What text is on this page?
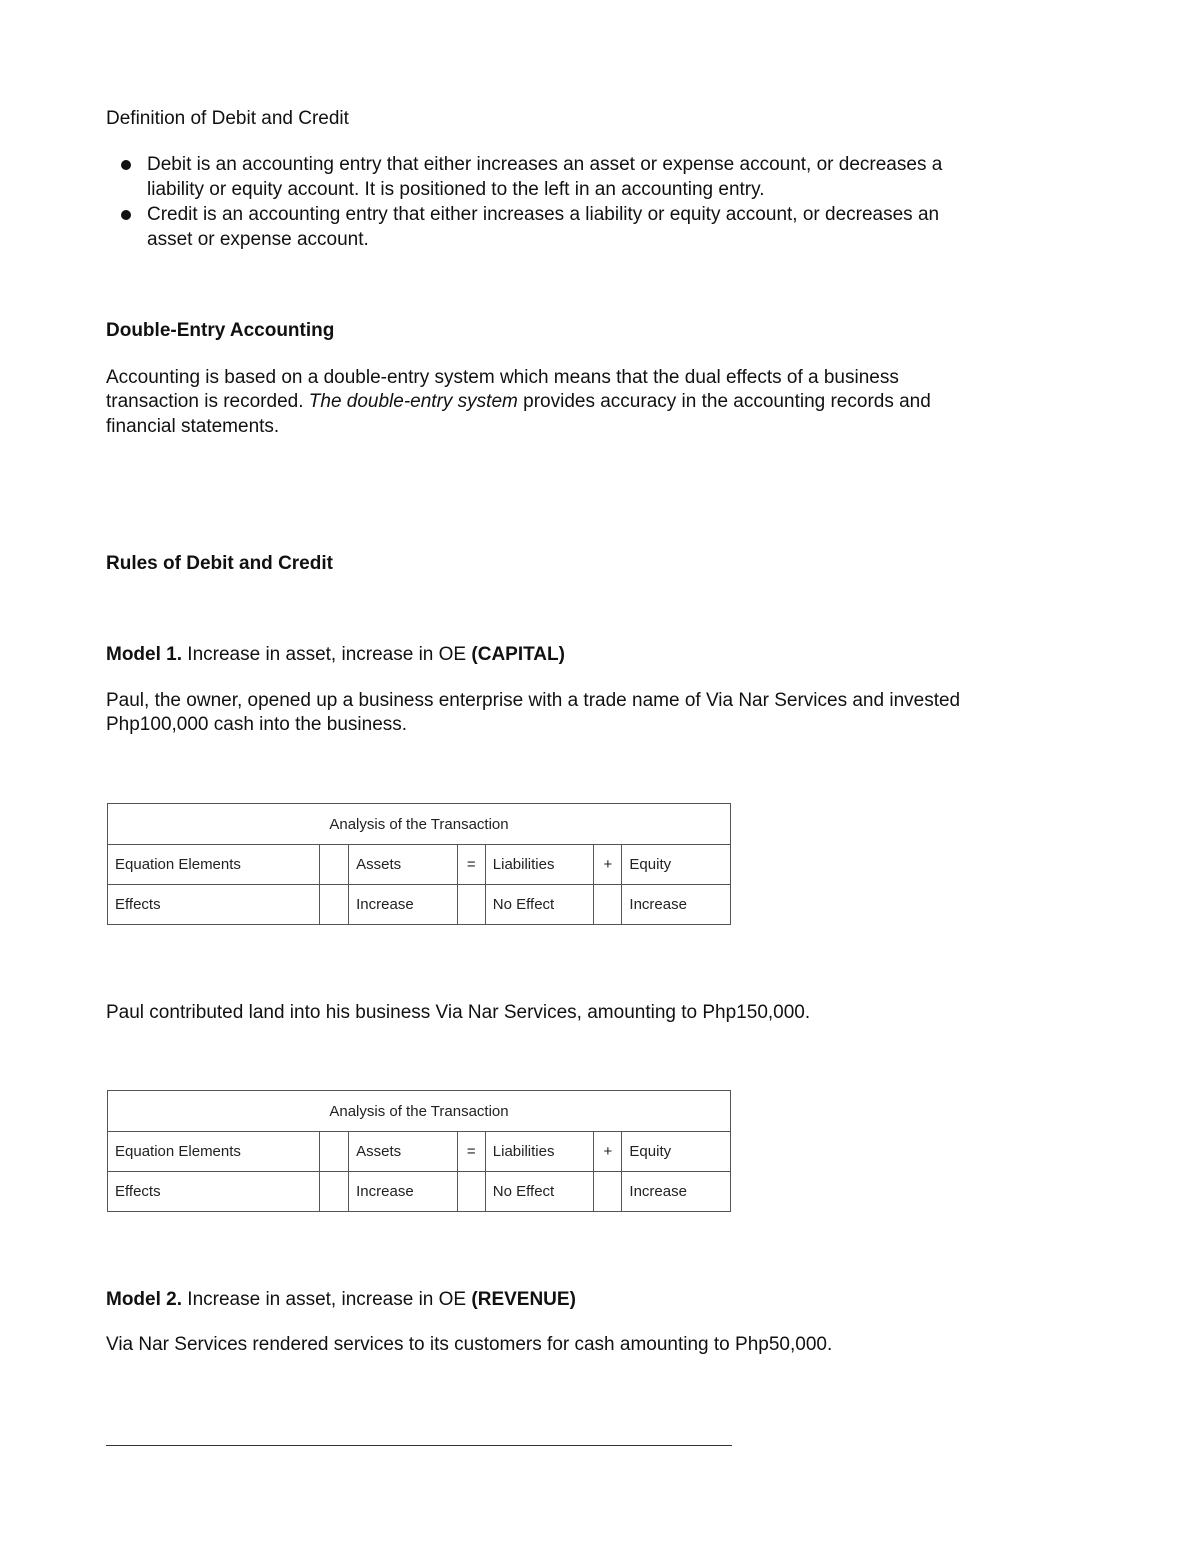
Definition of Debit and Credit

Debit is an accounting entry that either increases an asset or expense account, or decreases a
liability or equity account. It is positioned to the left in an accounting entry.
Credit is an accounting entry that either increases a liability or equity account, or decreases an
asset or expense account.

Double-Entry Accounting

Accounting is based on a double-entry system which means that the dual effects of a business

transaction is recorded. The double-entry system provides accuracy in the accounting records and

financial statements.

Rules of Debit and Credit

Model 1. Increase in asset, increase in OE (CAPITAL)

Paul, the owner, opened up a business enterprise with a trade name of Via Nar Services and invested

Php100,000 cash into the business.

Analysis of the Transaction						
Equation Elements		Assets	=	Liabilities	+	Equity
Effects		Increase		No Effect		Increase

Paul contributed land into his business Via Nar Services, amounting to Php150,000.

Analysis of the Transaction						
Equation Elements		Assets	=	Liabilities	+	Equity
Effects		Increase		No Effect		Increase

Model 2. Increase in asset, increase in OE (REVENUE)

Via Nar Services rendered services to its customers for cash amounting to Php50,000.
